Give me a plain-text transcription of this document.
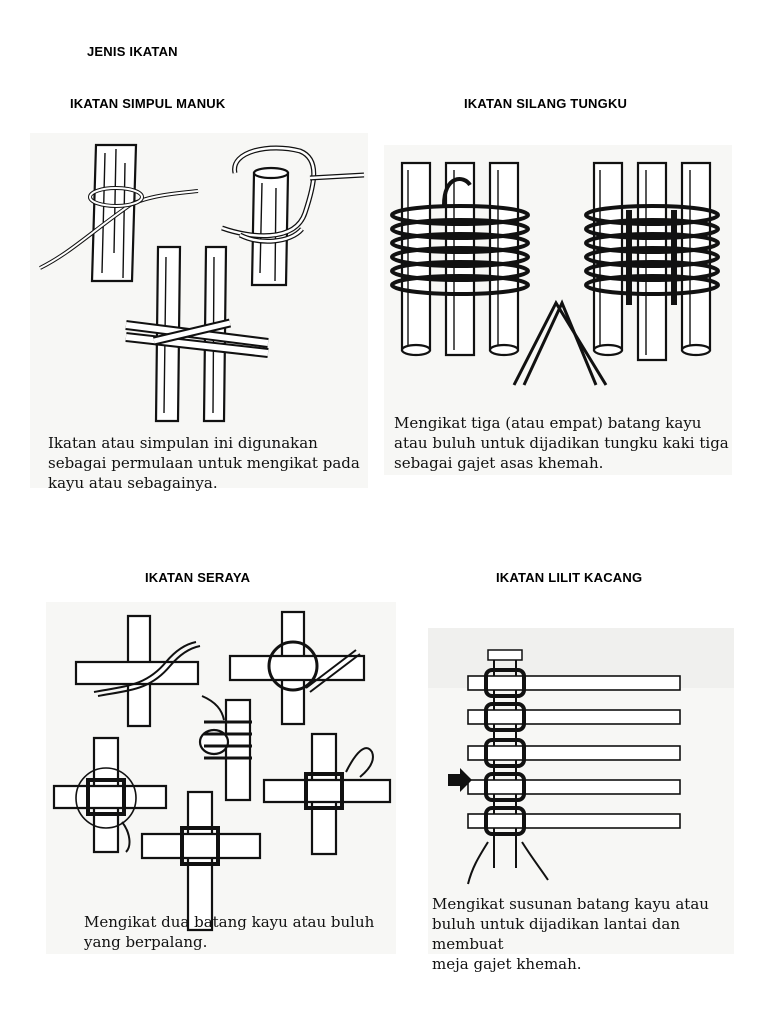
JENIS IKATAN
IKATAN SIMPUL MANUK	IKATAN SILANG TUNGKU
IKATAN SERAYA	IKATAN LILIT KACANG
Ikatan atau simpulan ini digunakan
sebagai permulaan untuk mengikat pada
kayu atau sebagainya.
Mengikat tiga (atau empat) batang kayu
atau buluh untuk dijadikan tungku kaki tiga
sebagai gajet asas khemah.
Mengikat dua batang kayu atau buluh
yang berpalang.
Mengikat susunan batang kayu atau
buluh untuk dijadikan lantai dan membuat
meja gajet khemah.
